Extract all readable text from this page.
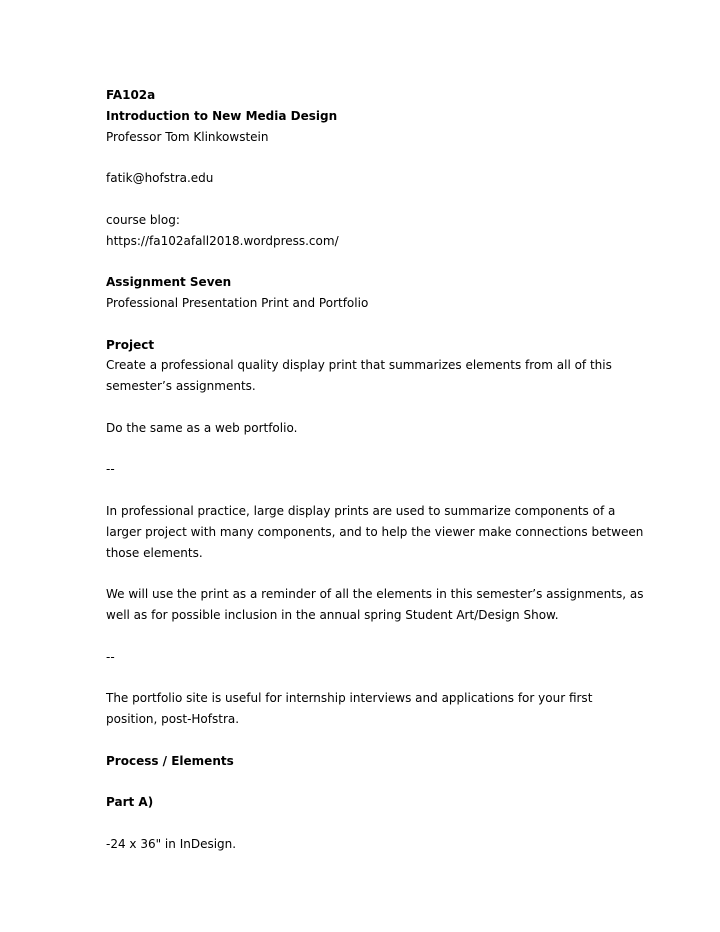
FA102a
Introduction to New Media Design
Professor Tom Klinkowstein
fatik@hofstra.edu
course blog:
https://fa102afall2018.wordpress.com/
Assignment Seven
Professional Presentation Print and Portfolio
Project
Create a professional quality display print that summarizes elements from all of this
semester’s assignments.
Do the same as a web portfolio.
--
In professional practice, large display prints are used to summarize components of a
larger project with many components, and to help the viewer make connections between
those elements.
We will use the print as a reminder of all the elements in this semester’s assignments, as
well as for possible inclusion in the annual spring Student Art/Design Show.
--
The portfolio site is useful for internship interviews and applications for your first
position, post-Hofstra.
Process / Elements
Part A)
-24 x 36" in InDesign.
